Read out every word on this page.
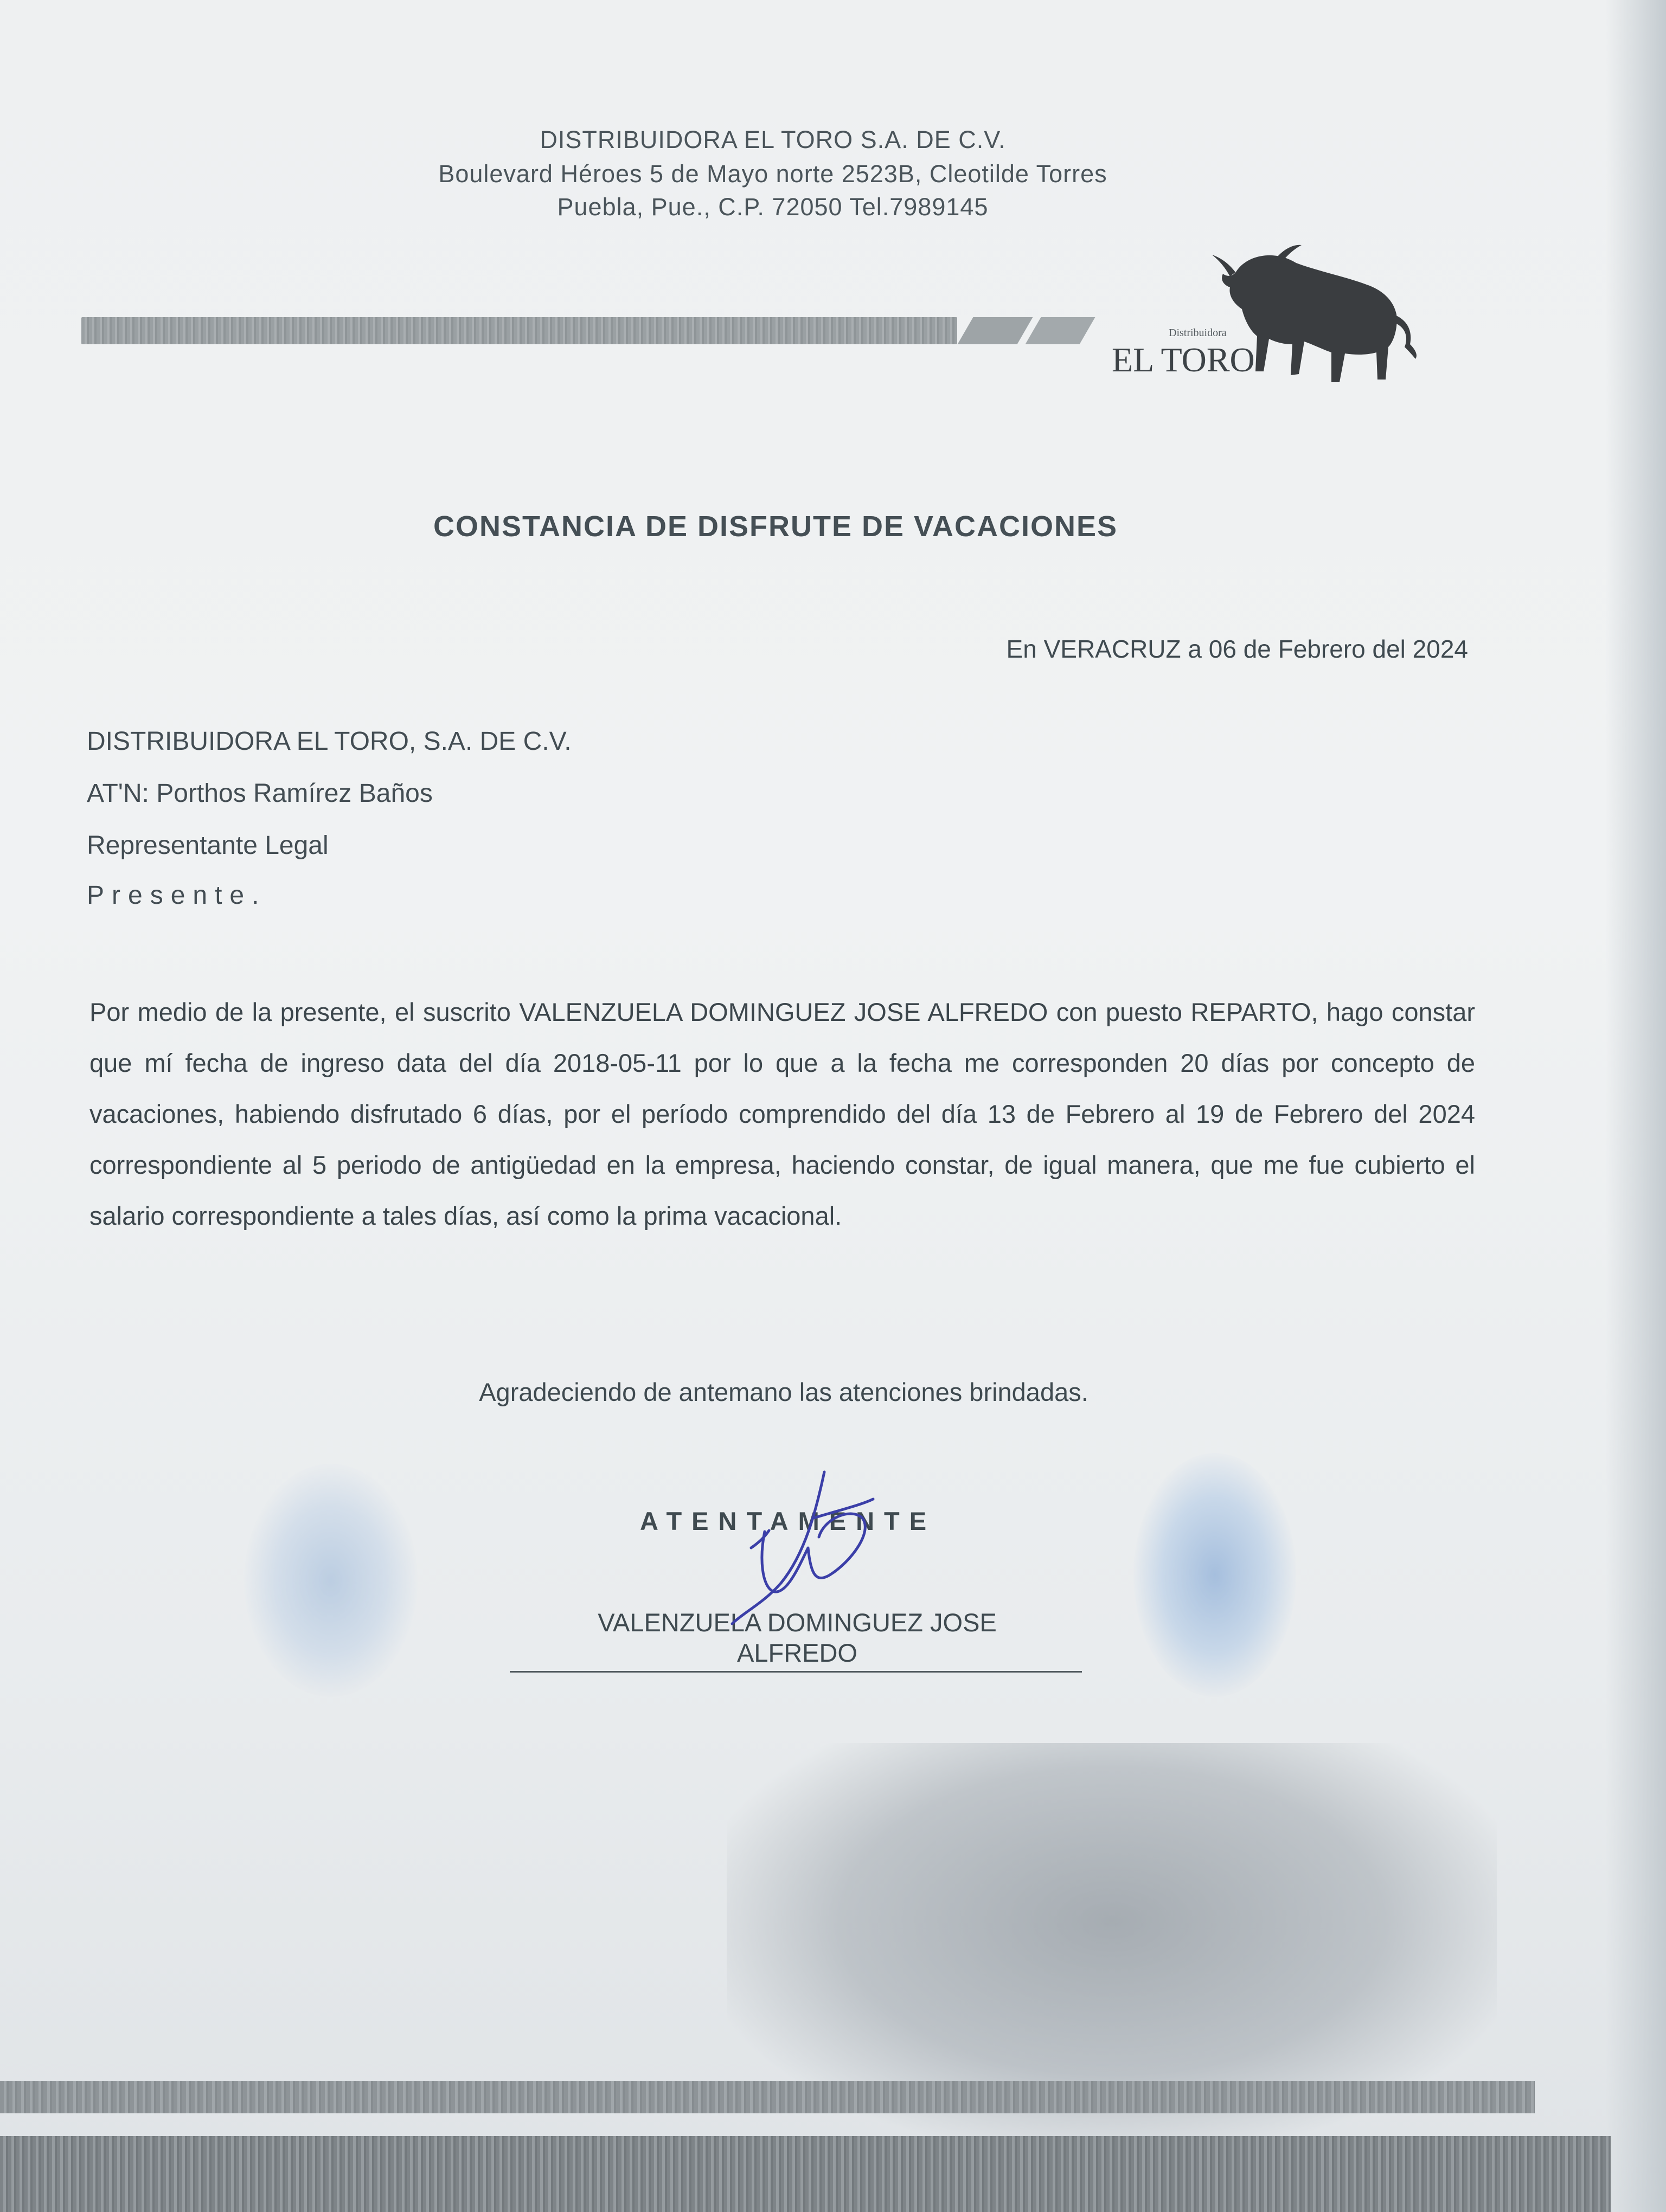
DISTRIBUIDORA EL TORO S.A. DE C.V.
Boulevard Héroes 5 de Mayo norte 2523B, Cleotilde Torres
Puebla, Pue., C.P. 72050 Tel.7989145
Distribuidora
EL TORO
CONSTANCIA DE DISFRUTE DE VACACIONES
En VERACRUZ a 06 de Febrero del 2024
DISTRIBUIDORA EL TORO, S.A. DE C.V.
AT'N: Porthos Ramírez Baños
Representante Legal
Presente.
Por medio de la presente, el suscrito VALENZUELA DOMINGUEZ JOSE ALFREDO con puesto REPARTO, hago constar que mí fecha de ingreso data del día 2018-05-11 por lo que a la fecha me corresponden 20 días por concepto de vacaciones, habiendo disfrutado 6 días, por el período comprendido del día 13 de Febrero al 19 de Febrero del 2024 correspondiente al 5 periodo de antigüedad en la empresa, haciendo constar, de igual manera, que me fue cubierto el salario correspondiente a tales días, así como la prima vacacional.
Agradeciendo de antemano las atenciones brindadas.
ATENTAMENTE
VALENZUELA DOMINGUEZ JOSE
ALFREDO
